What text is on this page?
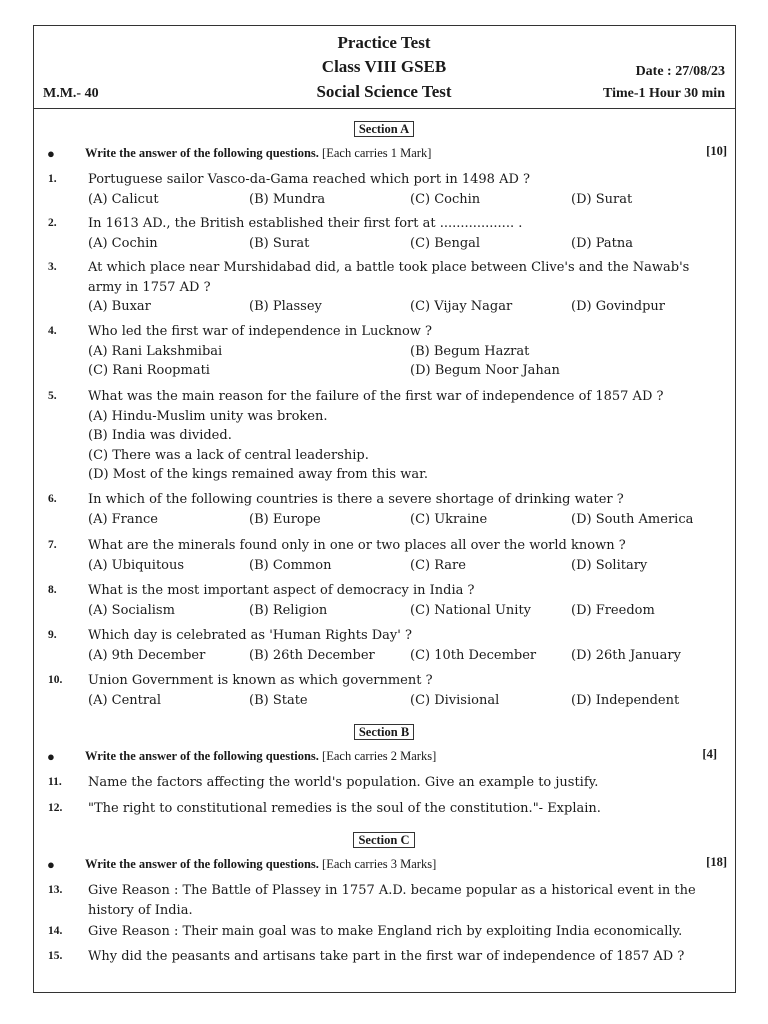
Practice Test
Class VIII GSEB
Social Science Test
M.M.- 40
Date : 27/08/23
Time-1 Hour 30 min
Section A
● Write the answer of the following questions. [Each carries 1 Mark]	[10]
1. Portuguese sailor Vasco-da-Gama reached which port in 1498 AD ?
(A) Calicut	(B) Mundra	(C) Cochin	(D) Surat
2. In 1613 AD., the British established their first fort at .................. .
(A) Cochin	(B) Surat	(C) Bengal	(D) Patna
3. At which place near Murshidabad did, a battle took place between Clive's and the Nawab's army in 1757 AD ?
(A) Buxar	(B) Plassey	(C) Vijay Nagar	(D) Govindpur
4. Who led the first war of independence in Lucknow ?
(A) Rani Lakshmibai	(B) Begum Hazrat
(C) Rani Roopmati	(D) Begum Noor Jahan
5. What was the main reason for the failure of the first war of independence of 1857 AD ?
(A) Hindu-Muslim unity was broken.
(B) India was divided.
(C) There was a lack of central leadership.
(D) Most of the kings remained away from this war.
6. In which of the following countries is there a severe shortage of drinking water ?
(A) France	(B) Europe	(C) Ukraine	(D) South America
7. What are the minerals found only in one or two places all over the world known ?
(A) Ubiquitous	(B) Common	(C) Rare	(D) Solitary
8. What is the most important aspect of democracy in India ?
(A) Socialism	(B) Religion	(C) National Unity	(D) Freedom
9. Which day is celebrated as 'Human Rights Day' ?
(A) 9th December	(B) 26th December	(C) 10th December	(D) 26th January
10. Union Government is known as which government ?
(A) Central	(B) State	(C) Divisional	(D) Independent
Section B
● Write the answer of the following questions. [Each carries 2 Marks]	[4]
11. Name the factors affecting the world's population. Give an example to justify.
12. "The right to constitutional remedies is the soul of the constitution."- Explain.
Section C
● Write the answer of the following questions. [Each carries 3 Marks]	[18]
13. Give Reason : The Battle of Plassey in 1757 A.D. became popular as a historical event in the history of India.
14. Give Reason : Their main goal was to make England rich by exploiting India economically.
15. Why did the peasants and artisans take part in the first war of independence of 1857 AD ?
